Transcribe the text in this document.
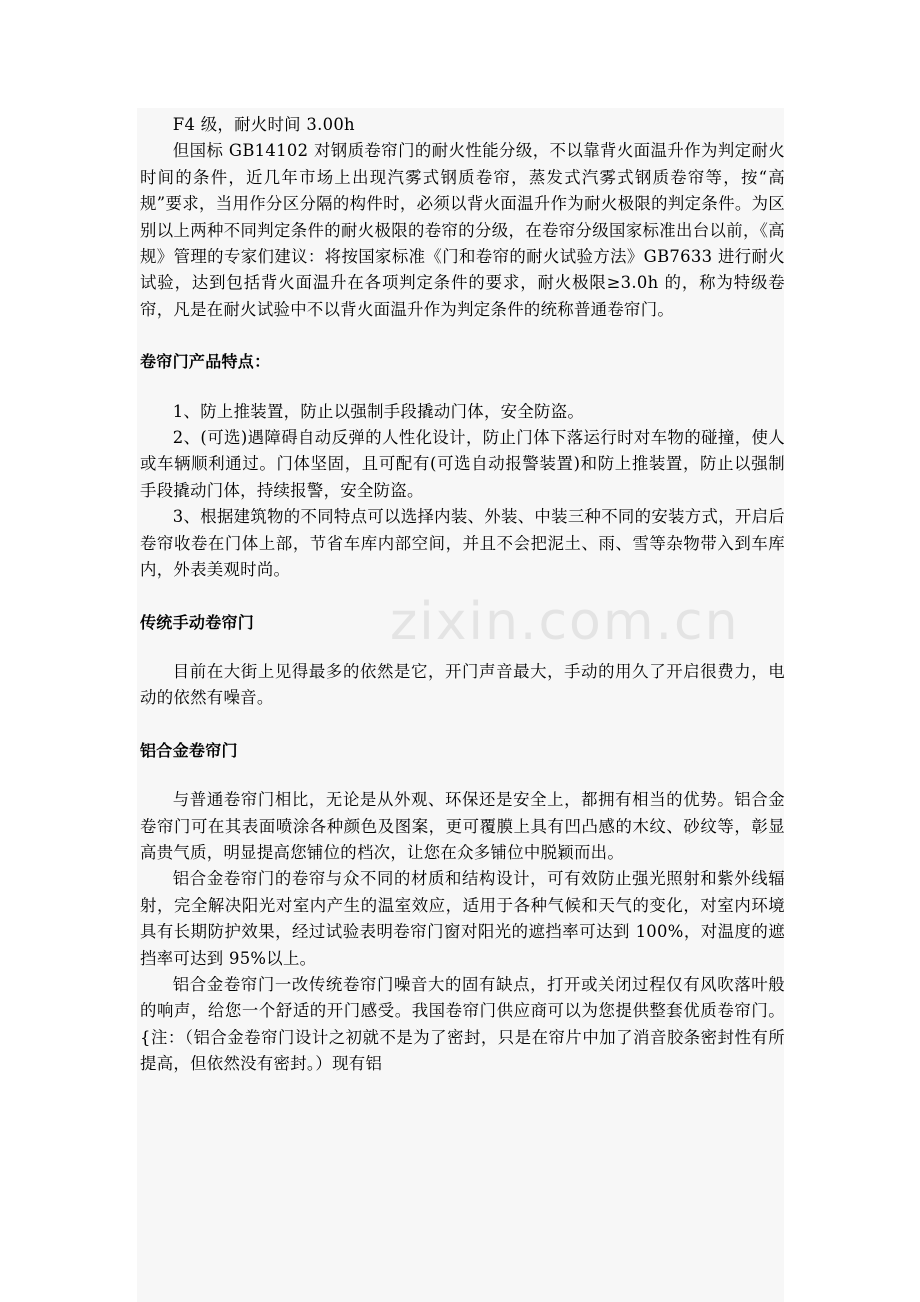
F4 级，耐火时间 3.00h

但国标 GB14102 对钢质卷帘门的耐火性能分级，不以靠背火面温升作为判定耐火时间的条件，近几年市场上出现汽雾式钢质卷帘，蒸发式汽雾式钢质卷帘等，按“高规”要求，当用作分区分隔的构件时，必须以背火面温升作为耐火极限的判定条件。为区别以上两种不同判定条件的耐火极限的卷帘的分级，在卷帘分级国家标准出台以前，《高规》管理的专家们建议：将按国家标准《门和卷帘的耐火试验方法》GB7633 进行耐火试验，达到包括背火面温升在各项判定条件的要求，耐火极限≥3.0h 的，称为特级卷帘，凡是在耐火试验中不以背火面温升作为判定条件的统称普通卷帘门。

卷帘门产品特点：

1、防上推装置，防止以强制手段撬动门体，安全防盗。

2、(可选)遇障碍自动反弹的人性化设计，防止门体下落运行时对车物的碰撞，使人或车辆顺利通过。门体坚固，且可配有(可选自动报警装置)和防上推装置，防止以强制手段撬动门体，持续报警，安全防盗。

3、根据建筑物的不同特点可以选择内装、外装、中装三种不同的安装方式，开启后卷帘收卷在门体上部，节省车库内部空间，并且不会把泥土、雨、雪等杂物带入到车库内，外表美观时尚。

传统手动卷帘门

目前在大街上见得最多的依然是它，开门声音最大，手动的用久了开启很费力，电动的依然有噪音。

铝合金卷帘门

与普通卷帘门相比，无论是从外观、环保还是安全上，都拥有相当的优势。铝合金卷帘门可在其表面喷涂各种颜色及图案，更可覆膜上具有凹凸感的木纹、砂纹等，彰显高贵气质，明显提高您铺位的档次，让您在众多铺位中脱颖而出。

铝合金卷帘门的卷帘与众不同的材质和结构设计，可有效防止强光照射和紫外线辐射，完全解决阳光对室内产生的温室效应，适用于各种气候和天气的变化，对室内环境具有长期防护效果，经过试验表明卷帘门窗对阳光的遮挡率可达到 100%，对温度的遮挡率可达到 95%以上。

铝合金卷帘门一改传统卷帘门噪音大的固有缺点，打开或关闭过程仅有风吹落叶般的响声，给您一个舒适的开门感受。我国卷帘门供应商可以为您提供整套优质卷帘门。{注：（铝合金卷帘门设计之初就不是为了密封，只是在帘片中加了消音胶条密封性有所提高，但依然没有密封。）现有铝

zixin.com.cn
